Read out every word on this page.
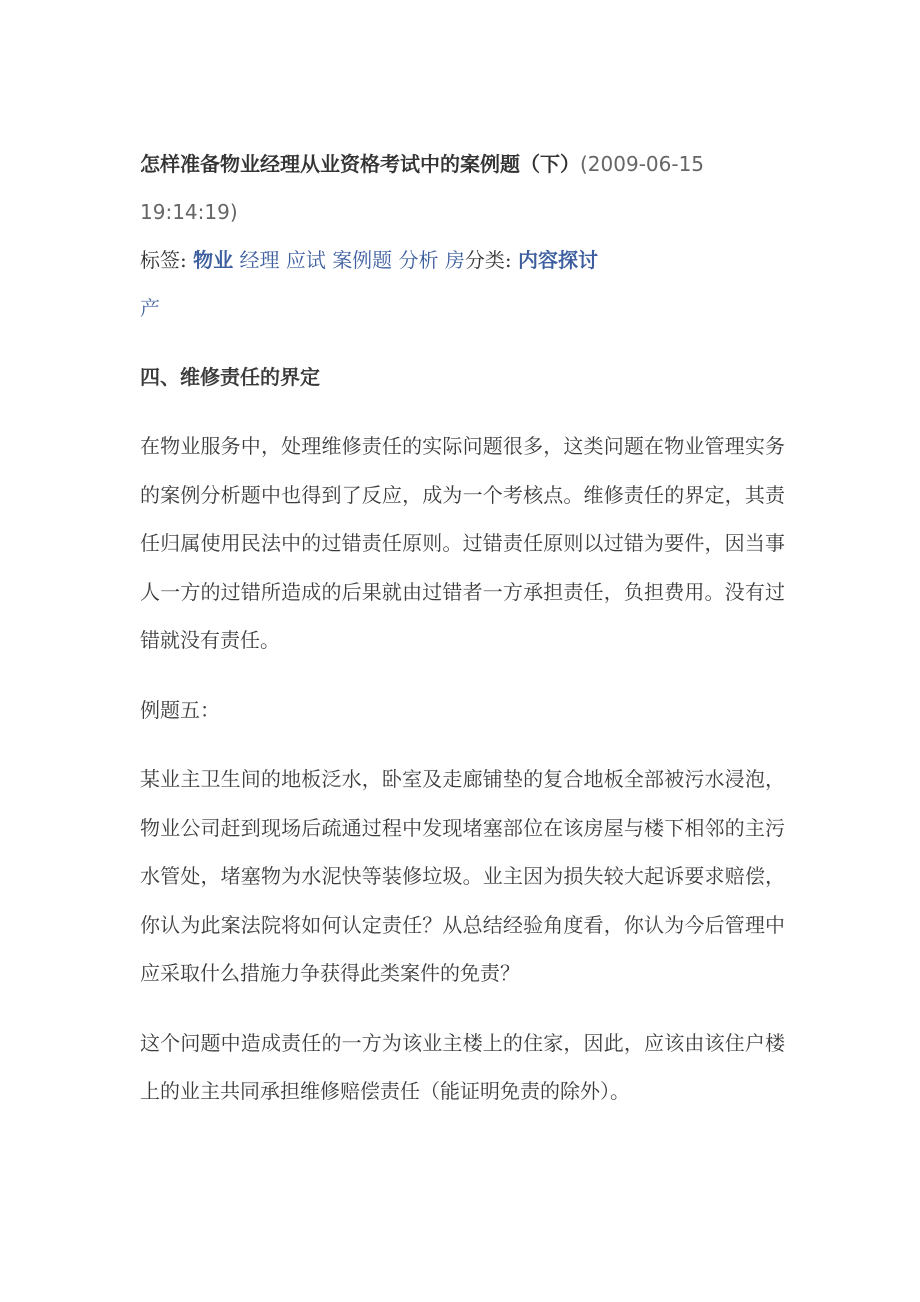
怎样准备物业经理从业资格考试中的案例题（下）(2009-06-15
19:14:19)

标签: 物业 经理 应试 案例题 分析 房分类: 内容探讨
产

四、维修责任的界定

在物业服务中，处理维修责任的实际问题很多，这类问题在物业管理实务的案例分析题中也得到了反应，成为一个考核点。维修责任的界定，其责任归属使用民法中的过错责任原则。过错责任原则以过错为要件，因当事人一方的过错所造成的后果就由过错者一方承担责任，负担费用。没有过错就没有责任。

例题五：

某业主卫生间的地板泛水，卧室及走廊铺垫的复合地板全部被污水浸泡，物业公司赶到现场后疏通过程中发现堵塞部位在该房屋与楼下相邻的主污水管处，堵塞物为水泥快等装修垃圾。业主因为损失较大起诉要求赔偿，你认为此案法院将如何认定责任？从总结经验角度看，你认为今后管理中应采取什么措施力争获得此类案件的免责？

这个问题中造成责任的一方为该业主楼上的住家，因此，应该由该住户楼上的业主共同承担维修赔偿责任（能证明免责的除外）。
